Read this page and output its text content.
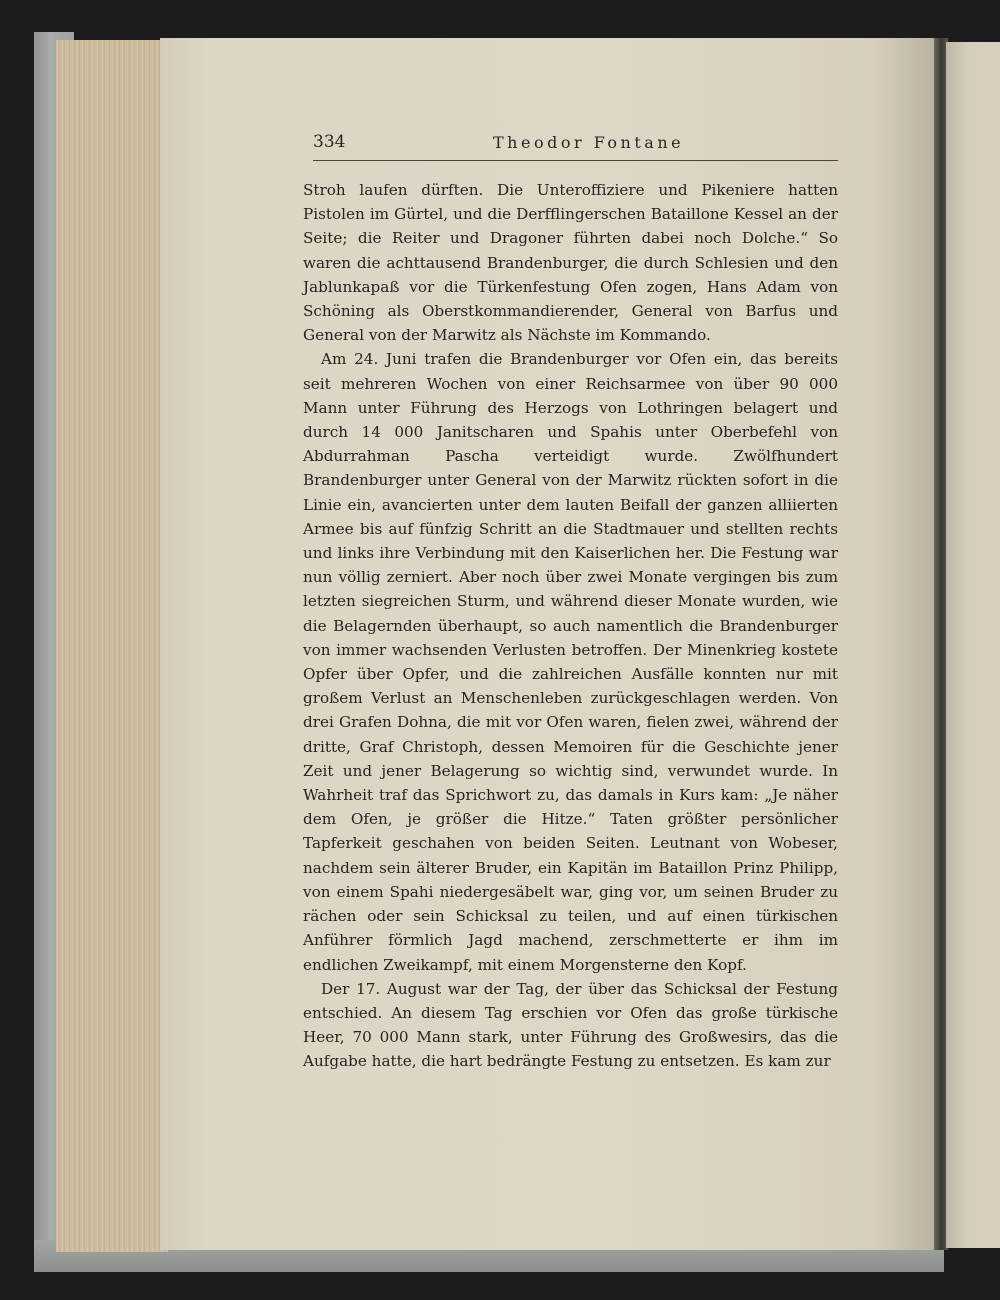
334	Theodor Fontane

Stroh laufen dürften. Die Unteroffiziere und Pikeniere hatten Pistolen im Gürtel, und die Derfflingerschen Bataillone Kessel an der Seite; die Reiter und Dragoner führten dabei noch Dolche.“ So waren die achttausend Brandenburger, die durch Schlesien und den Jablunkapaß vor die Türkenfestung Ofen zogen, Hans Adam von Schöning als Oberstkommandierender, General von Barfus und General von der Marwitz als Nächste im Kommando.

Am 24. Juni trafen die Brandenburger vor Ofen ein, das bereits seit mehreren Wochen von einer Reichsarmee von über 90 000 Mann unter Führung des Herzogs von Lothringen belagert und durch 14 000 Janitscharen und Spahis unter Oberbefehl von Abdurrahman Pascha verteidigt wurde. Zwölfhundert Brandenburger unter General von der Marwitz rückten sofort in die Linie ein, avancierten unter dem lauten Beifall der ganzen alliierten Armee bis auf fünfzig Schritt an die Stadtmauer und stellten rechts und links ihre Verbindung mit den Kaiserlichen her. Die Festung war nun völlig zerniert. Aber noch über zwei Monate vergingen bis zum letzten siegreichen Sturm, und während dieser Monate wurden, wie die Belagernden überhaupt, so auch namentlich die Brandenburger von immer wachsenden Verlusten betroffen. Der Minenkrieg kostete Opfer über Opfer, und die zahlreichen Ausfälle konnten nur mit großem Verlust an Menschenleben zurückgeschlagen werden. Von drei Grafen Dohna, die mit vor Ofen waren, fielen zwei, während der dritte, Graf Christoph, dessen Memoiren für die Geschichte jener Zeit und jener Belagerung so wichtig sind, verwundet wurde. In Wahrheit traf das Sprichwort zu, das damals in Kurs kam: „Je näher dem Ofen, je größer die Hitze.“ Taten größter persönlicher Tapferkeit geschahen von beiden Seiten. Leutnant von Wobeser, nachdem sein älterer Bruder, ein Kapitän im Bataillon Prinz Philipp, von einem Spahi niedergesäbelt war, ging vor, um seinen Bruder zu rächen oder sein Schicksal zu teilen, und auf einen türkischen Anführer förmlich Jagd machend, zerschmetterte er ihm im endlichen Zweikampf, mit einem Morgensterne den Kopf.

Der 17. August war der Tag, der über das Schicksal der Festung entschied. An diesem Tag erschien vor Ofen das große türkische Heer, 70 000 Mann stark, unter Führung des Großwesirs, das die Aufgabe hatte, die hart bedrängte Festung zu entsetzen. Es kam zur
